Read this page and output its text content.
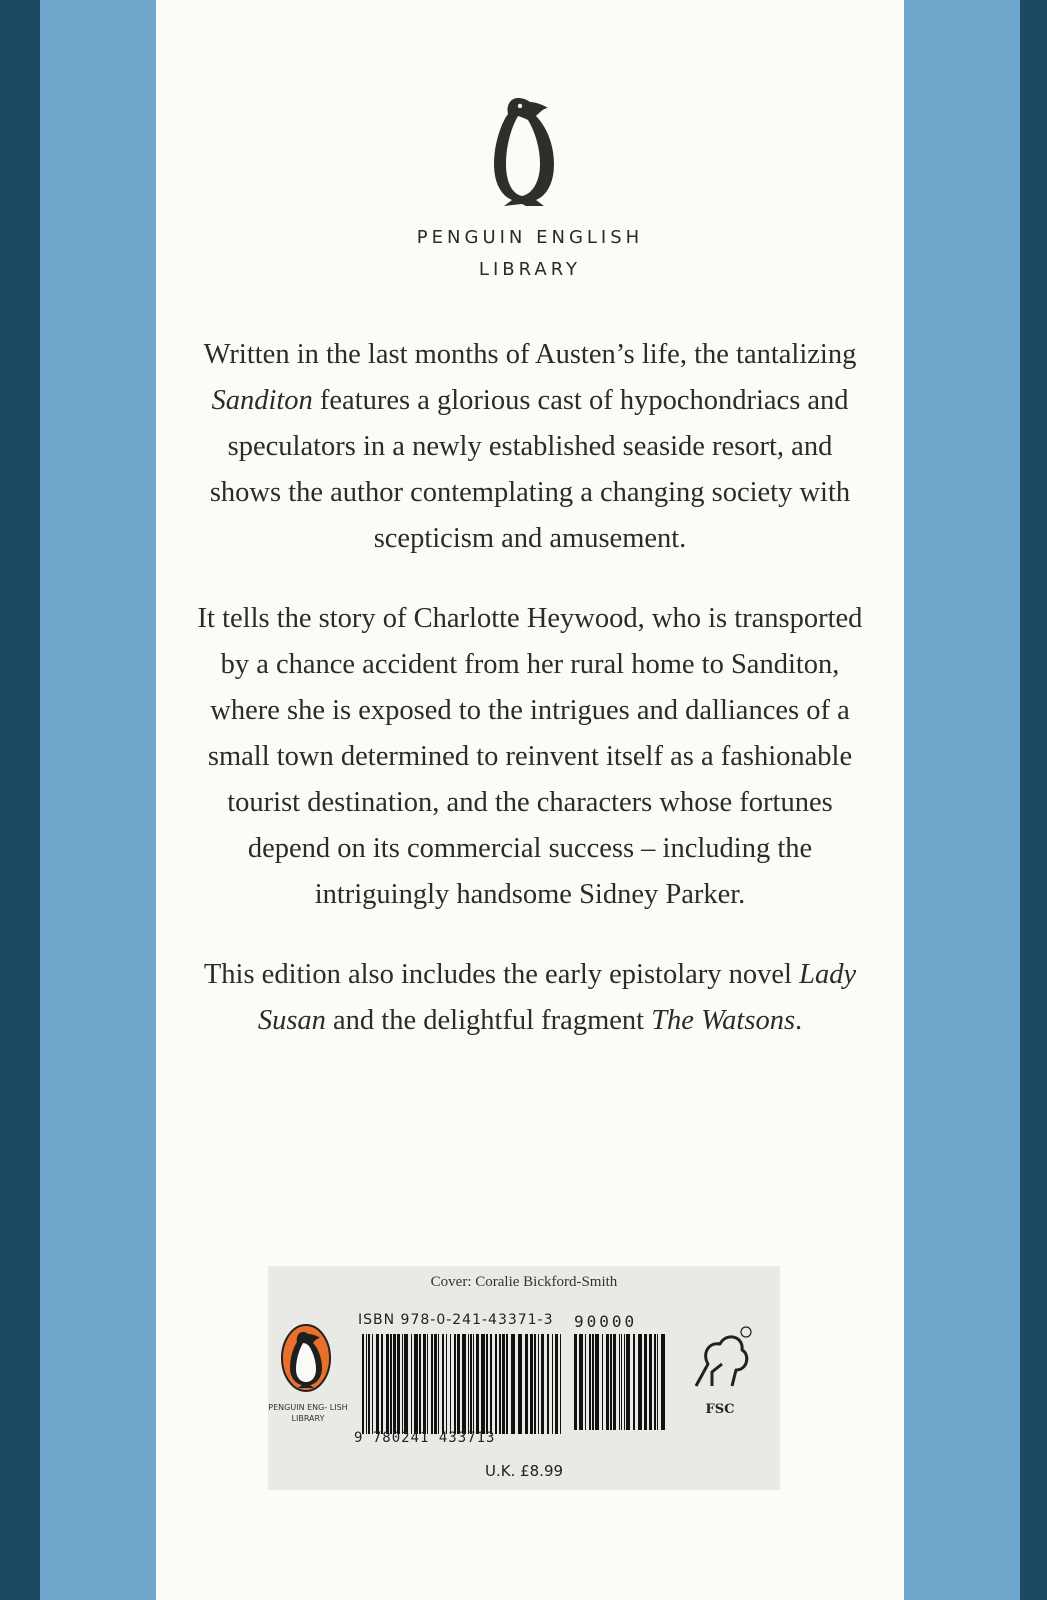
PENGUIN ENGLISH
LIBRARY

Written in the last months of Austen’s life, the tantalizing Sanditon features a glorious cast of hypochondriacs and speculators in a newly established seaside resort, and shows the author contemplating a changing society with scepticism and amusement.

It tells the story of Charlotte Heywood, who is transported by a chance accident from her rural home to Sanditon, where she is exposed to the intrigues and dalliances of a small town determined to reinvent itself as a fashionable tourist destination, and the characters whose fortunes depend on its commercial success – including the intriguingly handsome Sidney Parker.

This edition also includes the early epistolary novel Lady Susan and the delightful fragment The Watsons.

Cover: Coralie Bickford-Smith
PENGUIN ENG- LISH LIBRARY
ISBN 978-0-241-43371-3
9 780241 433713
90000
FSC
U.K. £8.99
